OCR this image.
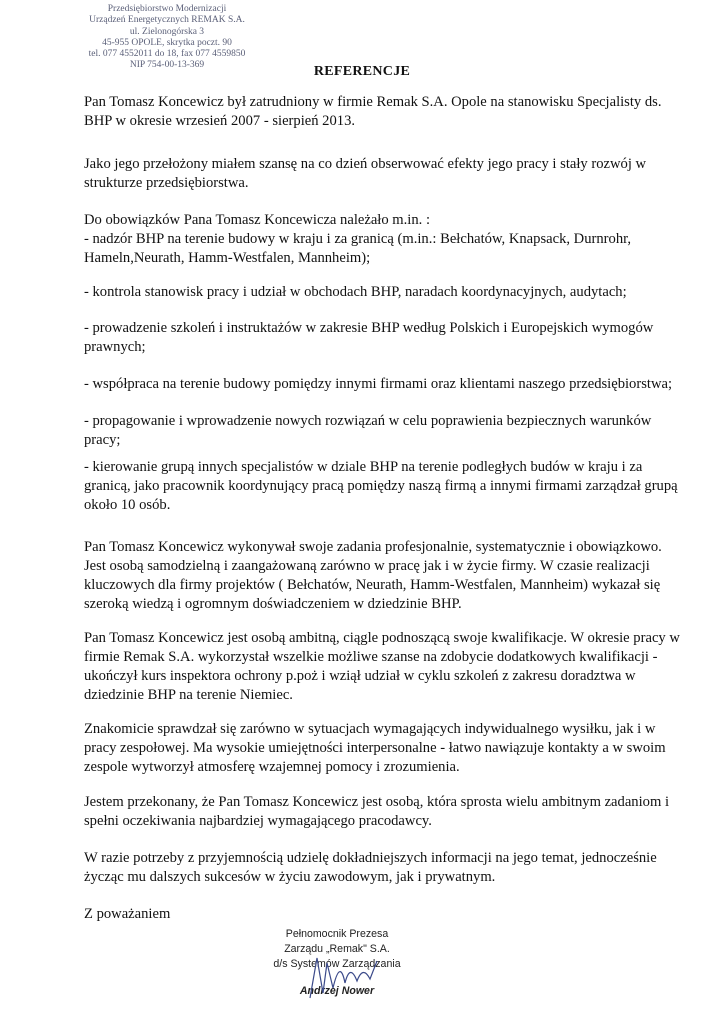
Przedsiębiorstwo Modernizacji
Urządzeń Energetycznych REMAK S.A.
ul. Zielonogórska 3
45-955 OPOLE, skrytka poczt. 90
tel. 077 4552011 do 18, fax 077 4559850
NIP 754-00-13-369	REFERENCJE
Pan Tomasz Koncewicz był zatrudniony w firmie Remak S.A. Opole na stanowisku Specjalisty ds.
BHP w okresie wrzesień 2007 - sierpień 2013.
Jako jego przełożony miałem szansę na co dzień obserwować efekty jego pracy i stały rozwój w
strukturze przedsiębiorstwa.
Do obowiązków Pana Tomasz Koncewicza należało m.in. :
- nadzór BHP na terenie budowy w kraju i za granicą (m.in.: Bełchatów, Knapsack, Durnrohr,
Hameln,Neurath, Hamm-Westfalen, Mannheim);
- kontrola stanowisk pracy i udział w obchodach BHP, naradach koordynacyjnych, audytach;
- prowadzenie szkoleń i instruktażów w zakresie BHP według Polskich i Europejskich wymogów
prawnych;
- współpraca na terenie budowy pomiędzy innymi firmami oraz klientami naszego przedsiębiorstwa;
- propagowanie i wprowadzenie nowych rozwiązań w celu poprawienia bezpiecznych warunków
pracy;
- kierowanie grupą innych specjalistów w dziale BHP na terenie podległych budów w kraju i za
granicą, jako pracownik koordynujący pracą pomiędzy naszą firmą a innymi firmami zarządzał grupą
około 10 osób.
Pan Tomasz Koncewicz wykonywał swoje zadania profesjonalnie, systematycznie i obowiązkowo.
Jest osobą samodzielną i zaangażowaną zarówno w pracę jak i w życie firmy. W czasie realizacji
kluczowych dla firmy projektów ( Bełchatów, Neurath, Hamm-Westfalen, Mannheim) wykazał się
szeroką wiedzą i ogromnym doświadczeniem w dziedzinie BHP.
Pan Tomasz Koncewicz jest osobą ambitną, ciągle podnoszącą swoje kwalifikacje. W okresie pracy w
firmie Remak S.A. wykorzystał wszelkie możliwe szanse na zdobycie dodatkowych kwalifikacji -
ukończył kurs inspektora ochrony p.poż i wziął udział w cyklu szkoleń z zakresu doradztwa w
dziedzinie BHP na terenie Niemiec.
Znakomicie sprawdzał się zarówno w sytuacjach wymagających indywidualnego wysiłku, jak i w
pracy zespołowej. Ma wysokie umiejętności interpersonalne - łatwo nawiązuje kontakty a w swoim
zespole wytworzył atmosferę wzajemnej pomocy i zrozumienia.
Jestem przekonany, że Pan Tomasz Koncewicz jest osobą, która sprosta wielu ambitnym zadaniom i
spełni oczekiwania najbardziej wymagającego pracodawcy.
W razie potrzeby z przyjemnością udzielę dokładniejszych informacji na jego temat, jednocześnie
życząc mu dalszych sukcesów w życiu zawodowym, jak i prywatnym.
Z poważaniem
Pełnomocnik Prezesa
Zarządu „Remak" S.A.
d/s Systemów Zarządzania
Andrzej Nower
